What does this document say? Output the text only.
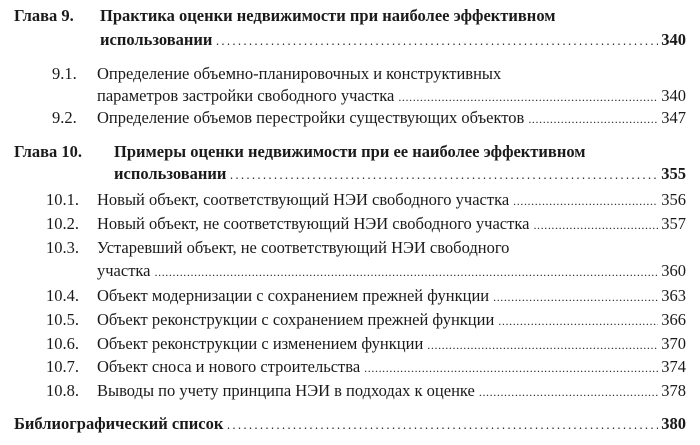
Глава 9. Практика оценки недвижимости при наиболее эффективном
использовании . . .	340
9.1. Определение объемно-планировочных и конструктивных
параметров застройки свободного участка .....	340
9.2. Определение объемов перестройки существующих объектов .....	347
Глава 10. Примеры оценки недвижимости при ее наиболее эффективном
использовании . . .	355
10.1. Новый объект, соответствующий НЭИ свободного участка .....	356
10.2. Новый объект, не соответствующий НЭИ свободного участка .....	357
10.3. Устаревший объект, не соответствующий НЭИ свободного
участка .....	360
10.4. Объект модернизации с сохранением прежней функции .....	363
10.5. Объект реконструкции с сохранением прежней функции .....	366
10.6. Объект реконструкции с изменением функции .....	370
10.7. Объект сноса и нового строительства .....	374
10.8. Выводы по учету принципа НЭИ в подходах к оценке .....	378
Библиографический список . . .	380
